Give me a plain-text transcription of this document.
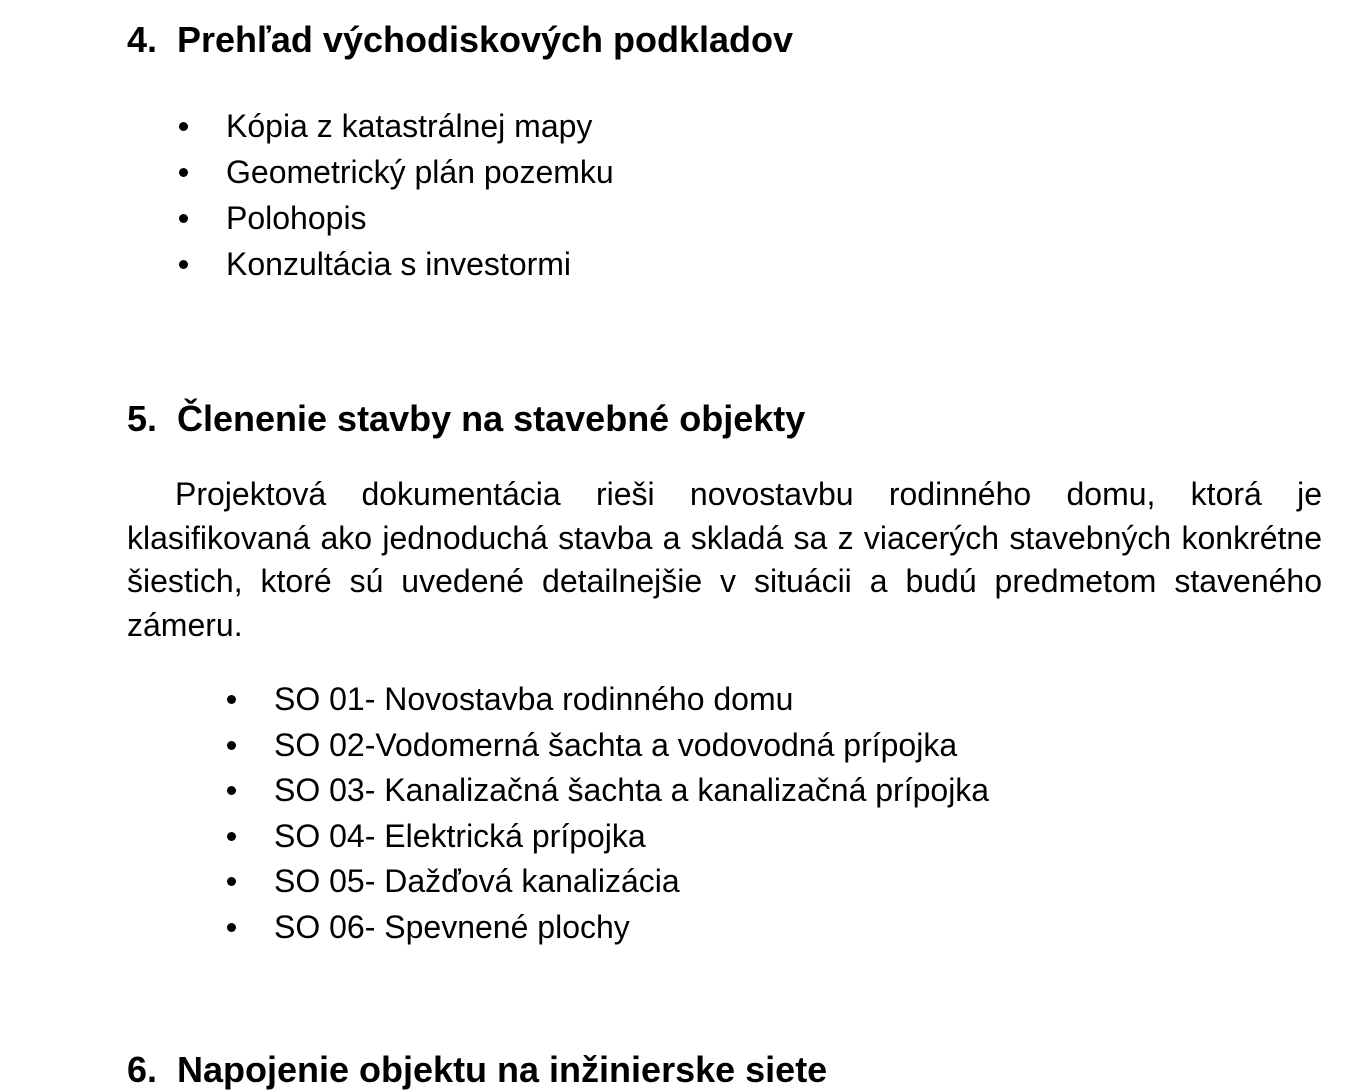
4. Prehľad východiskových podkladov
Kópia z katastrálnej mapy
Geometrický plán pozemku
Polohopis
Konzultácia s investormi
5. Členenie stavby na stavebné objekty

Projektová dokumentácia rieši novostavbu rodinného domu, ktorá je klasifikovaná ako jednoduchá stavba a skladá sa z viacerých stavebných konkrétne šiestich, ktoré sú uvedené detailnejšie v situácii a budú predmetom staveného zámeru.

SO 01- Novostavba rodinného domu
SO 02-Vodomerná šachta a vodovodná prípojka
SO 03- Kanalizačná šachta a kanalizačná prípojka
SO 04- Elektrická prípojka
SO 05- Dažďová kanalizácia
SO 06- Spevnené plochy
6. Napojenie objektu na inžinierske siete
